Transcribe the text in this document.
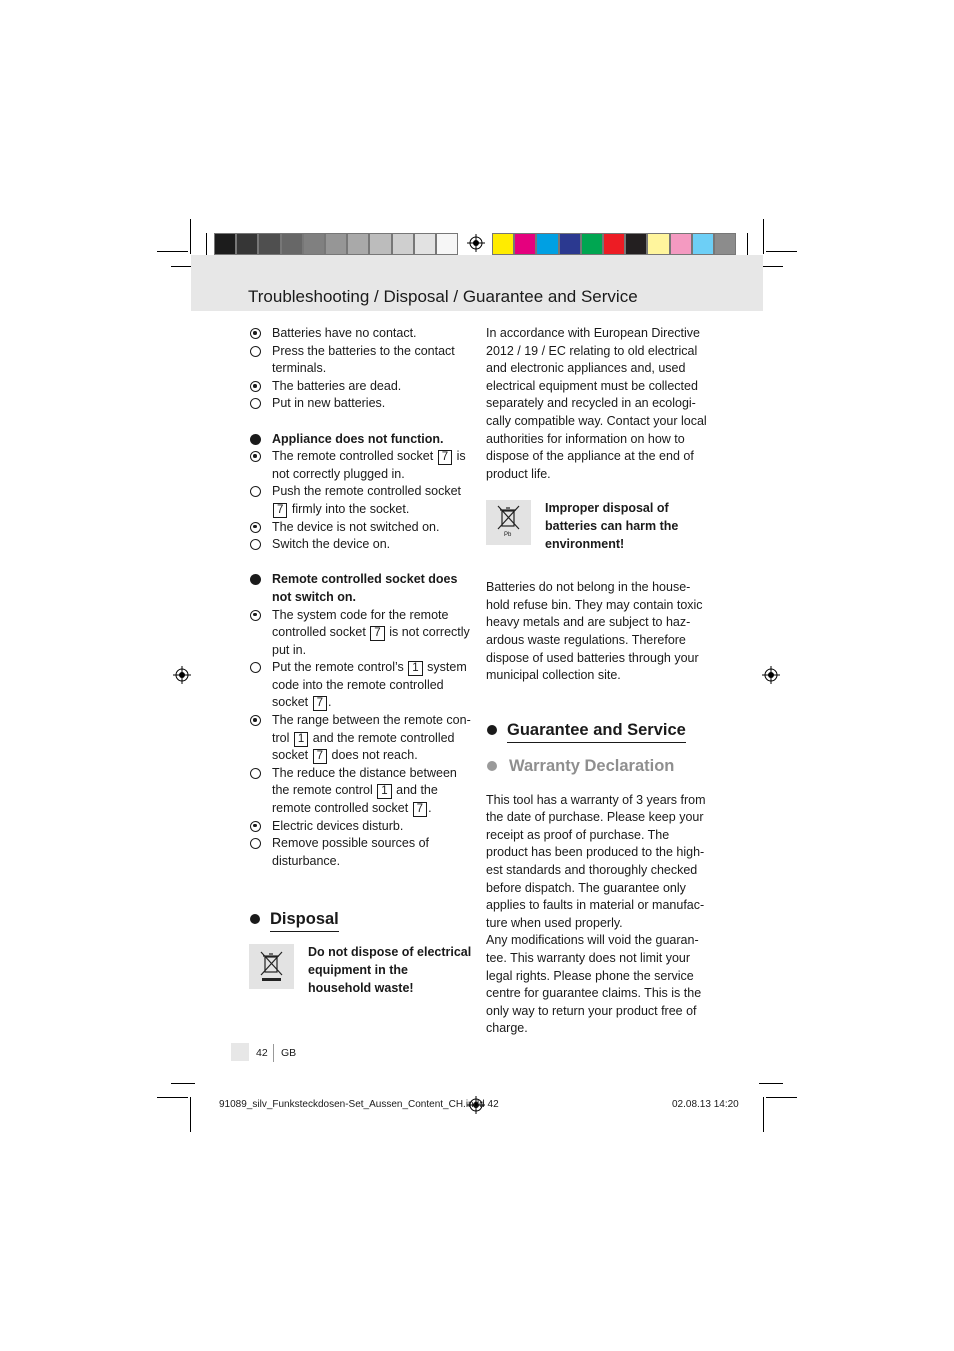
Troubleshooting / Disposal / Guarantee and Service
Batteries have no contact.
Press the batteries to the contact terminals.
The batteries are dead.
Put in new batteries.
Appliance does not function.
The remote controlled socket 7 is not correctly plugged in.
Push the remote controlled socket 7 firmly into the socket.
The device is not switched on.
Switch the device on.
Remote controlled socket does not switch on.
The system code for the remote controlled socket 7 is not correctly put in.
Put the remote control’s 1 system code into the remote controlled socket 7 .
The range between the remote con-trol 1 and the remote controlled socket 7 does not reach.
The reduce the distance between the remote control 1 and the remote controlled socket 7 .
Electric devices disturb.
Remove possible sources of disturbance.
Disposal
Do not dispose of electrical equipment in the household waste!
In accordance with European Directive 2012 / 19 / EC relating to old electrical and electronic appliances and, used electrical equipment must be collected separately and recycled in an ecologi-cally compatible way. Contact your local authorities for information on how to dispose of the appliance at the end of product life.
Pb
Improper disposal of batteries can harm the environment!
Batteries do not belong in the house-hold refuse bin. They may contain toxic heavy metals and are subject to haz-ardous waste regulations. Therefore dispose of used batteries through your municipal collection site.
Guarantee and Service
Warranty Declaration
This tool has a warranty of 3 years from the date of purchase. Please keep your receipt as proof of purchase. The product has been produced to the high-est standards and thoroughly checked before dispatch. The guarantee only applies to faults in material or manufac-ture when used properly.
Any modifications will void the guaran-tee. This warranty does not limit your legal rights. Please phone the service centre for guarantee claims. This is the only way to return your product free of charge.
42 GB
91089_silv_Funksteckdosen-Set_Aussen_Content_CH.indd 42	02.08.13 14:20
